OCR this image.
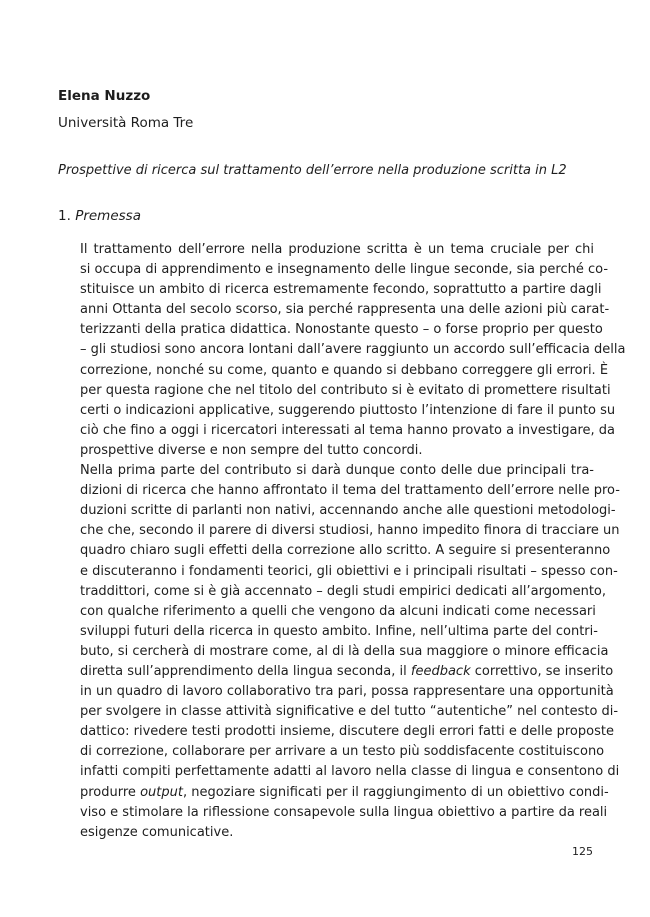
Elena Nuzzo

Università Roma Tre

Prospettive di ricerca sul trattamento dell’errore nella produzione scritta in L2

1. Premessa

Il trattamento dell’errore nella produzione scritta è un tema cruciale per chi
si occupa di apprendimento e insegnamento delle lingue seconde, sia perché co-
stituisce un ambito di ricerca estremamente fecondo, soprattutto a partire dagli
anni Ottanta del secolo scorso, sia perché rappresenta una delle azioni più carat-
terizzanti della pratica didattica. Nonostante questo – o forse proprio per questo
– gli studiosi sono ancora lontani dall’avere raggiunto un accordo sull’efficacia della
correzione, nonché su come, quanto e quando si debbano correggere gli errori. È
per questa ragione che nel titolo del contributo si è evitato di promettere risultati
certi o indicazioni applicative, suggerendo piuttosto l’intenzione di fare il punto su
ciò che fino a oggi i ricercatori interessati al tema hanno provato a investigare, da
prospettive diverse e non sempre del tutto concordi.

Nella prima parte del contributo si darà dunque conto delle due principali tra-
dizioni di ricerca che hanno affrontato il tema del trattamento dell’errore nelle pro-
duzioni scritte di parlanti non nativi, accennando anche alle questioni metodologi-
che che, secondo il parere di diversi studiosi, hanno impedito finora di tracciare un
quadro chiaro sugli effetti della correzione allo scritto. A seguire si presenteranno
e discuteranno i fondamenti teorici, gli obiettivi e i principali risultati – spesso con-
traddittori, come si è già accennato – degli studi empirici dedicati all’argomento,
con qualche riferimento a quelli che vengono da alcuni indicati come necessari
sviluppi futuri della ricerca in questo ambito. Infine, nell’ultima parte del contri-
buto, si cercherà di mostrare come, al di là della sua maggiore o minore efficacia
diretta sull’apprendimento della lingua seconda, il feedback correttivo, se inserito
in un quadro di lavoro collaborativo tra pari, possa rappresentare una opportunità
per svolgere in classe attività significative e del tutto “autentiche” nel contesto di-
dattico: rivedere testi prodotti insieme, discutere degli errori fatti e delle proposte
di correzione, collaborare per arrivare a un testo più soddisfacente costituiscono
infatti compiti perfettamente adatti al lavoro nella classe di lingua e consentono di
produrre output, negoziare significati per il raggiungimento di un obiettivo condi-
viso e stimolare la riflessione consapevole sulla lingua obiettivo a partire da reali
esigenze comunicative.

125
